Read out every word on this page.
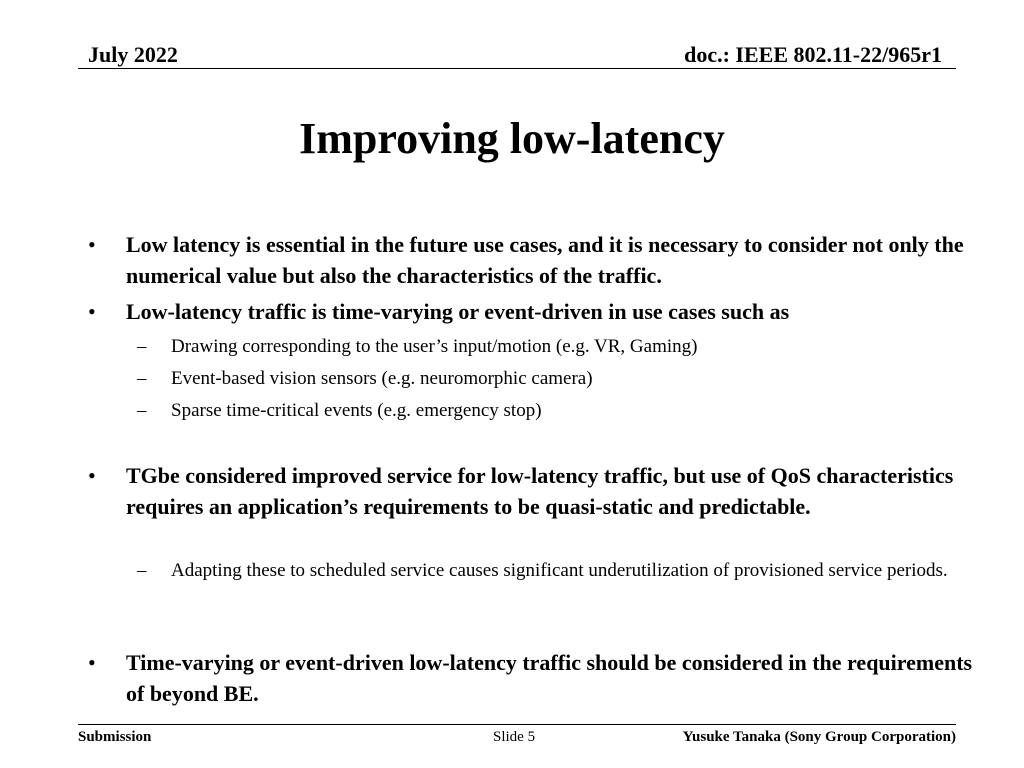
July 2022	doc.: IEEE 802.11-22/965r1
Improving low-latency
• Low latency is essential in the future use cases, and it is necessary to consider not only the numerical value but also the characteristics of the traffic.
• Low-latency traffic is time-varying or event-driven in use cases such as
– Drawing corresponding to the user’s input/motion (e.g. VR, Gaming)
– Event-based vision sensors (e.g. neuromorphic camera)
– Sparse time-critical events (e.g. emergency stop)
• TGbe considered improved service for low-latency traffic, but use of QoS characteristics requires an application’s requirements to be quasi-static and predictable.
– Adapting these to scheduled service causes significant underutilization of provisioned service periods.
• Time-varying or event-driven low-latency traffic should be considered in the requirements of beyond BE.
Submission	Slide 5	Yusuke Tanaka (Sony Group Corporation)
